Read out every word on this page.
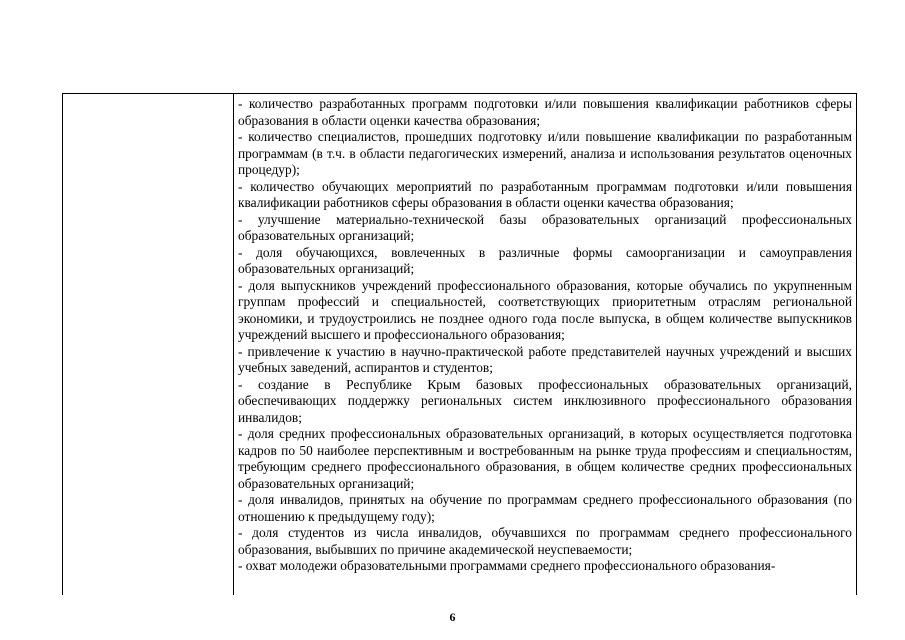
- количество разработанных программ подготовки и/или повышения квалификации работников сферы образования в области оценки качества образования;

- количество специалистов, прошедших подготовку и/или повышение квалификации по разработанным программам (в т.ч. в области педагогических измерений, анализа и использования результатов оценочных процедур);

- количество обучающих мероприятий по разработанным программам подготовки и/или повышения квалификации работников сферы образования в области оценки качества образования;

- улучшение материально-технической базы образовательных организаций профессиональных образовательных организаций;

- доля обучающихся, вовлеченных в различные формы самоорганизации и самоуправления образовательных организаций;

- доля выпускников учреждений профессионального образования, которые обучались по укрупненным группам профессий и специальностей, соответствующих приоритетным отраслям региональной экономики, и трудоустроились не позднее одного года после выпуска, в общем количестве выпускников учреждений высшего и профессионального образования;

- привлечение к участию в научно-практической работе представителей научных учреждений и высших учебных заведений, аспирантов и студентов;

- создание в Республике Крым базовых профессиональных образовательных организаций, обеспечивающих поддержку региональных систем инклюзивного профессионального образования инвалидов;

- доля средних профессиональных образовательных организаций, в которых осуществляется подготовка кадров по 50 наиболее перспективным и востребованным на рынке труда профессиям и специальностям, требующим среднего профессионального образования, в общем количестве средних профессиональных образовательных организаций;

- доля инвалидов, принятых на обучение по программам среднего профессионального образования (по отношению к предыдущему году);

- доля студентов из числа инвалидов, обучавшихся по программам среднего профессионального образования, выбывших по причине академической неуспеваемости;

- охват молодежи образовательными программами среднего профессионального образования-

6
